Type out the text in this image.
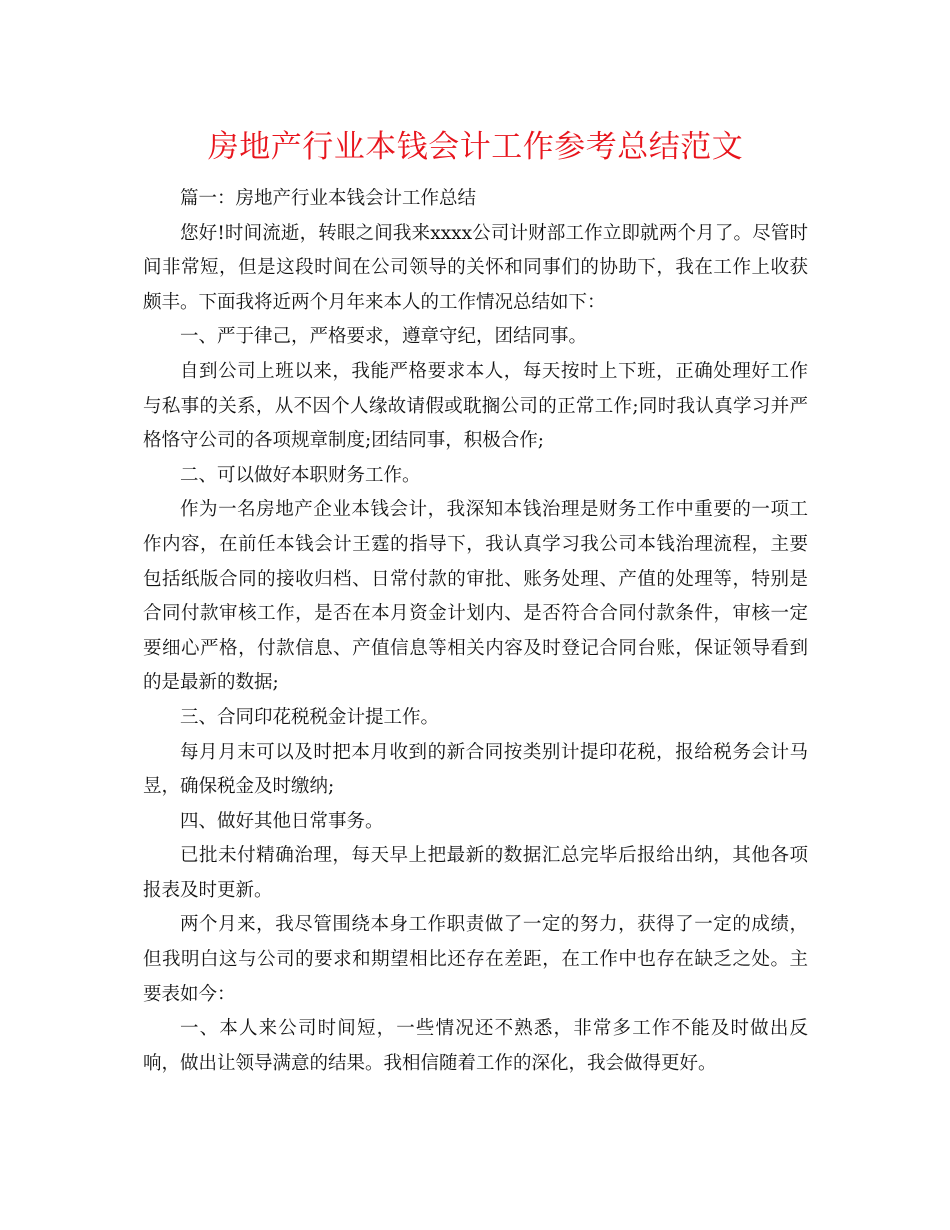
房地产行业本钱会计工作参考总结范文

篇一：房地产行业本钱会计工作总结

您好!时间流逝，转眼之间我来xxxx公司计财部工作立即就两个月了。尽管时间非常短，但是这段时间在公司领导的关怀和同事们的协助下，我在工作上收获颇丰。下面我将近两个月年来本人的工作情况总结如下：

一、严于律己，严格要求，遵章守纪，团结同事。

自到公司上班以来，我能严格要求本人，每天按时上下班，正确处理好工作与私事的关系，从不因个人缘故请假或耽搁公司的正常工作;同时我认真学习并严格恪守公司的各项规章制度;团结同事，积极合作;

二、可以做好本职财务工作。

作为一名房地产企业本钱会计，我深知本钱治理是财务工作中重要的一项工作内容，在前任本钱会计王霆的指导下，我认真学习我公司本钱治理流程，主要包括纸版合同的接收归档、日常付款的审批、账务处理、产值的处理等，特别是合同付款审核工作，是否在本月资金计划内、是否符合合同付款条件，审核一定要细心严格，付款信息、产值信息等相关内容及时登记合同台账，保证领导看到的是最新的数据;

三、合同印花税税金计提工作。

每月月末可以及时把本月收到的新合同按类别计提印花税，报给税务会计马昱，确保税金及时缴纳;

四、做好其他日常事务。

已批未付精确治理，每天早上把最新的数据汇总完毕后报给出纳，其他各项报表及时更新。

两个月来，我尽管围绕本身工作职责做了一定的努力，获得了一定的成绩，但我明白这与公司的要求和期望相比还存在差距，在工作中也存在缺乏之处。主要表如今：

一、本人来公司时间短，一些情况还不熟悉，非常多工作不能及时做出反响，做出让领导满意的结果。我相信随着工作的深化，我会做得更好。
